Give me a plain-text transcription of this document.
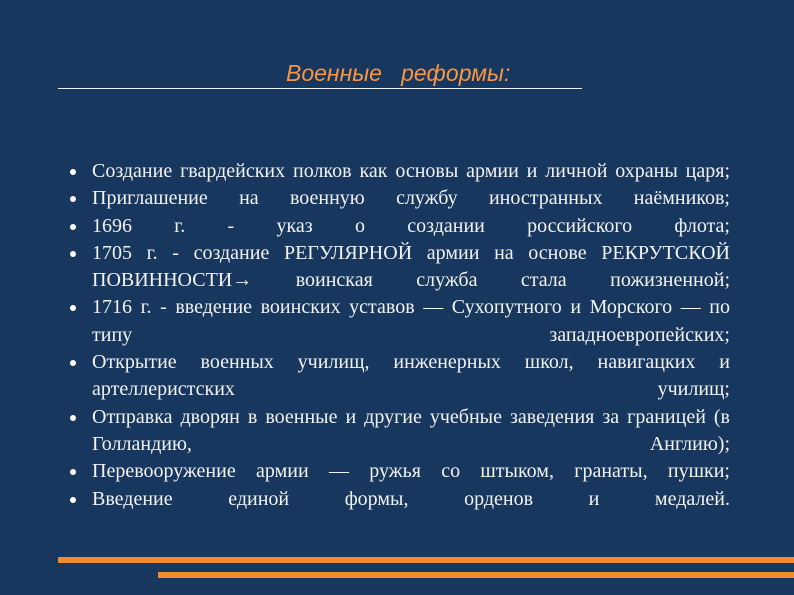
Военные   реформы:

Создание гвардейских полков как основы армии и личной охраны царя;
Приглашение на военную службу иностранных наёмников;
1696 г. - указ о создании российского флота;
1705 г. - создание РЕГУЛЯРНОЙ армии на основе РЕКРУТСКОЙ ПОВИННОСТИ→ воинская служба стала пожизненной;
1716 г. - введение воинских уставов — Сухопутного и Морского — по типу западноевропейских;
Открытие военных училищ, инженерных школ, навигацких и артеллеристских училищ;
Отправка дворян в военные и другие учебные заведения за границей (в Голландию, Англию);
Перевооружение армии — ружья со штыком, гранаты, пушки;
Введение единой формы, орденов и медалей.
